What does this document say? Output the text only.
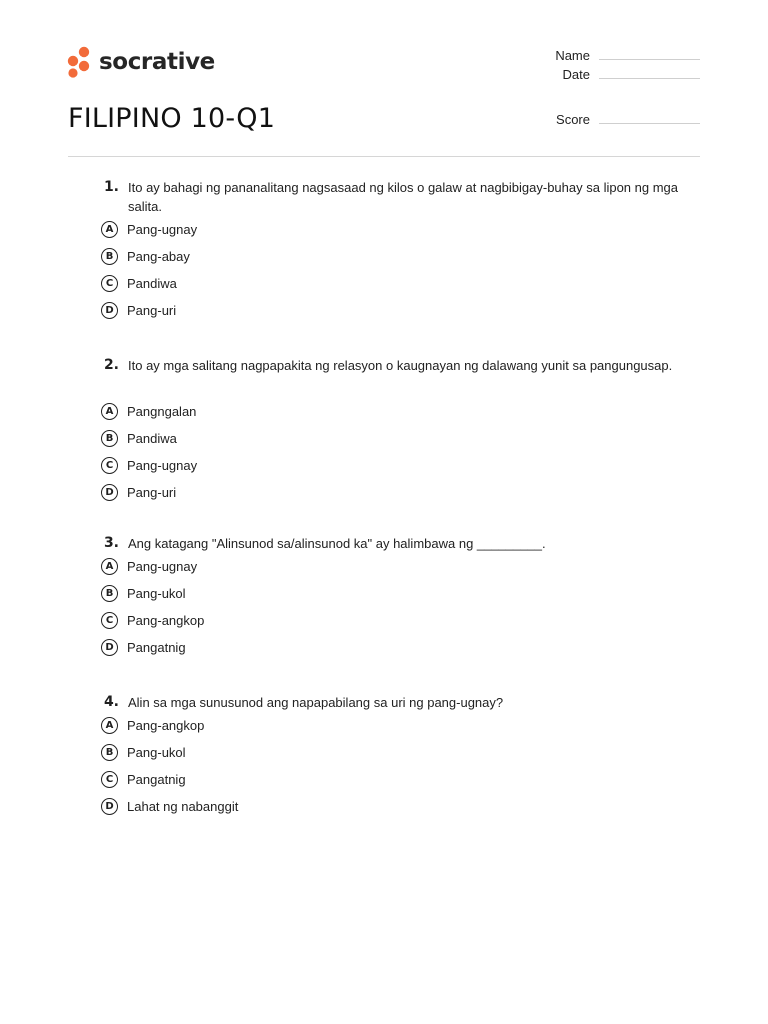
socrative	Name
Date
Score
FILIPINO 10-Q1
1. Ito ay bahagi ng pananalitang nagsasaad ng kilos o galaw at nagbibigay-buhay sa lipon ng mga salita.
A	Pang-ugnay
B	Pang-abay
C	Pandiwa
D	Pang-uri
2. Ito ay mga salitang nagpapakita ng relasyon o kaugnayan ng dalawang yunit sa pangungusap.
A	Pangngalan
B	Pandiwa
C	Pang-ugnay
D	Pang-uri
3. Ang katagang "Alinsunod sa/alinsunod ka" ay halimbawa ng _________.
A	Pang-ugnay
B	Pang-ukol
C	Pang-angkop
D	Pangatnig
4. Alin sa mga sunusunod ang napapabilang sa uri ng pang-ugnay?
A	Pang-angkop
B	Pang-ukol
C	Pangatnig
D	Lahat ng nabanggit
